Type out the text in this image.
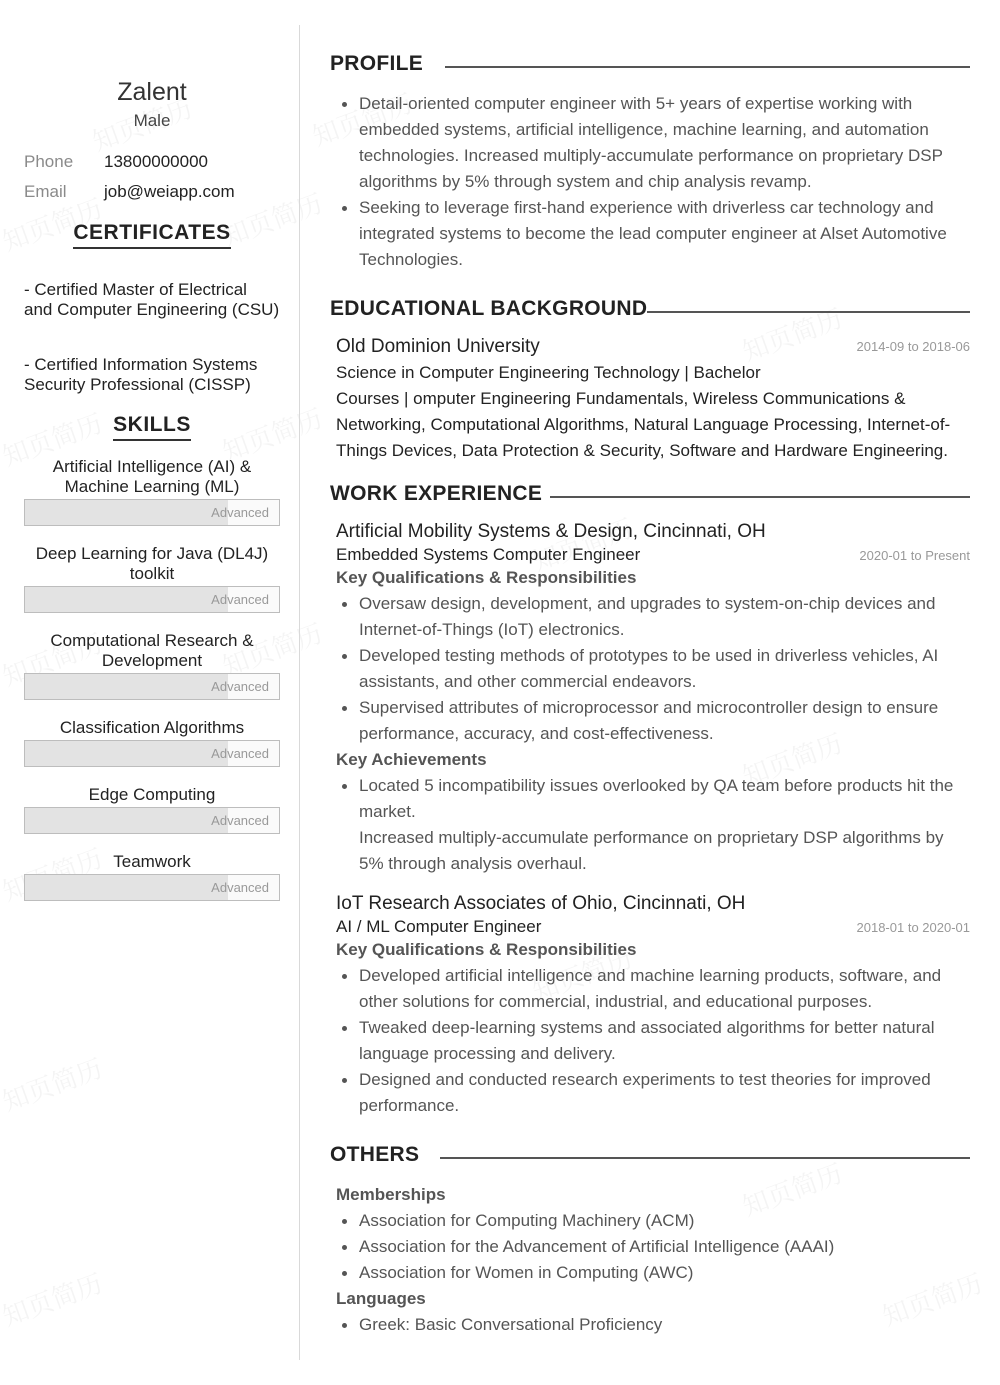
Zalent
Male
Phone 13800000000
Email job@weiapp.com
CERTIFICATES
- Certified Master of Electrical and Computer Engineering (CSU)
- Certified Information Systems Security Professional (CISSP)
SKILLS
Artificial Intelligence (AI) & Machine Learning (ML)
Advanced
Deep Learning for Java (DL4J) toolkit
Advanced
Computational Research & Development
Advanced
Classification Algorithms
Advanced
Edge Computing
Advanced
Teamwork
Advanced
PROFILE
Detail-oriented computer engineer with 5+ years of expertise working with embedded systems, artificial intelligence, machine learning, and automation technologies. Increased multiply-accumulate performance on proprietary DSP algorithms by 5% through system and chip analysis revamp.
Seeking to leverage first-hand experience with driverless car technology and integrated systems to become the lead computer engineer at Alset Automotive Technologies.
EDUCATIONAL BACKGROUND
Old Dominion University	2014-09 to 2018-06
Science in Computer Engineering Technology | Bachelor
Courses | omputer Engineering Fundamentals, Wireless Communications & Networking, Computational Algorithms, Natural Language Processing, Internet-of-Things Devices, Data Protection & Security, Software and Hardware Engineering.
WORK EXPERIENCE
Artificial Mobility Systems & Design, Cincinnati, OH
Embedded Systems Computer Engineer	2020-01 to Present
Key Qualifications & Responsibilities
Oversaw design, development, and upgrades to system-on-chip devices and Internet-of-Things (IoT) electronics.
Developed testing methods of prototypes to be used in driverless vehicles, AI assistants, and other commercial endeavors.
Supervised attributes of microprocessor and microcontroller design to ensure performance, accuracy, and cost-effectiveness.
Key Achievements
Located 5 incompatibility issues overlooked by QA team before products hit the market.
Increased multiply-accumulate performance on proprietary DSP algorithms by 5% through analysis overhaul.
IoT Research Associates of Ohio, Cincinnati, OH
AI / ML Computer Engineer	2018-01 to 2020-01
Key Qualifications & Responsibilities
Developed artificial intelligence and machine learning products, software, and other solutions for commercial, industrial, and educational purposes.
Tweaked deep-learning systems and associated algorithms for better natural language processing and delivery.
Designed and conducted research experiments to test theories for improved performance.
OTHERS
Memberships
Association for Computing Machinery (ACM)
Association for the Advancement of Artificial Intelligence (AAAI)
Association for Women in Computing (AWC)
Languages
Greek: Basic Conversational Proficiency
